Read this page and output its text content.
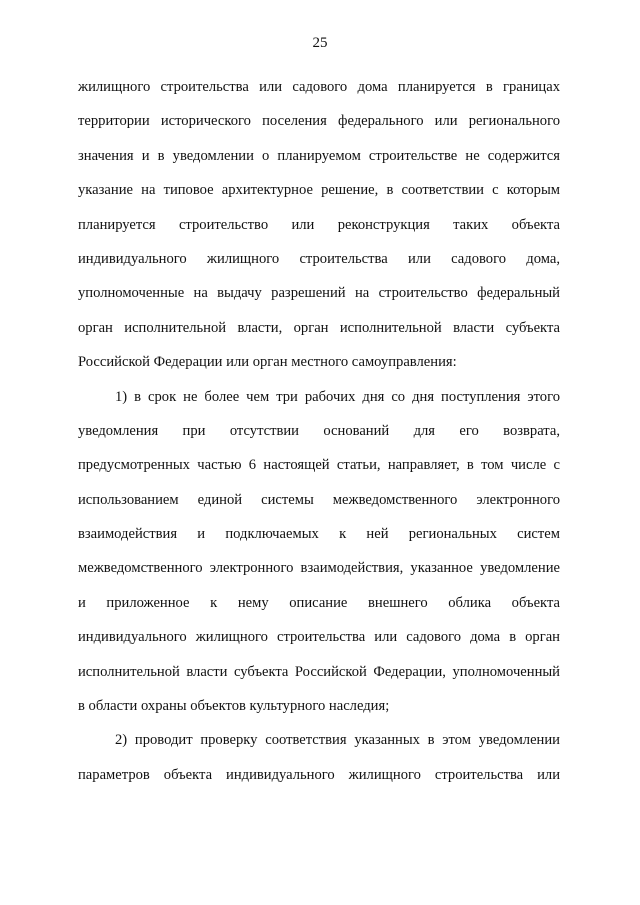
25
жилищного строительства или садового дома планируется в границах
территории исторического поселения федерального или регионального
значения и в уведомлении о планируемом строительстве не содержится
указание на типовое архитектурное решение, в соответствии с которым
планируется строительство или реконструкция таких объекта
индивидуального жилищного строительства или садового дома,
уполномоченные на выдачу разрешений на строительство федеральный
орган исполнительной власти, орган исполнительной власти субъекта
Российской Федерации или орган местного самоуправления:
1) в срок не более чем три рабочих дня со дня поступления этого
уведомления при отсутствии оснований для его возврата,
предусмотренных частью 6 настоящей статьи, направляет, в том числе с
использованием единой системы межведомственного электронного
взаимодействия и подключаемых к ней региональных систем
межведомственного электронного взаимодействия, указанное уведомление
и приложенное к нему описание внешнего облика объекта
индивидуального жилищного строительства или садового дома в орган
исполнительной власти субъекта Российской Федерации, уполномоченный
в области охраны объектов культурного наследия;
2) проводит проверку соответствия указанных в этом уведомлении
параметров объекта индивидуального жилищного строительства или
